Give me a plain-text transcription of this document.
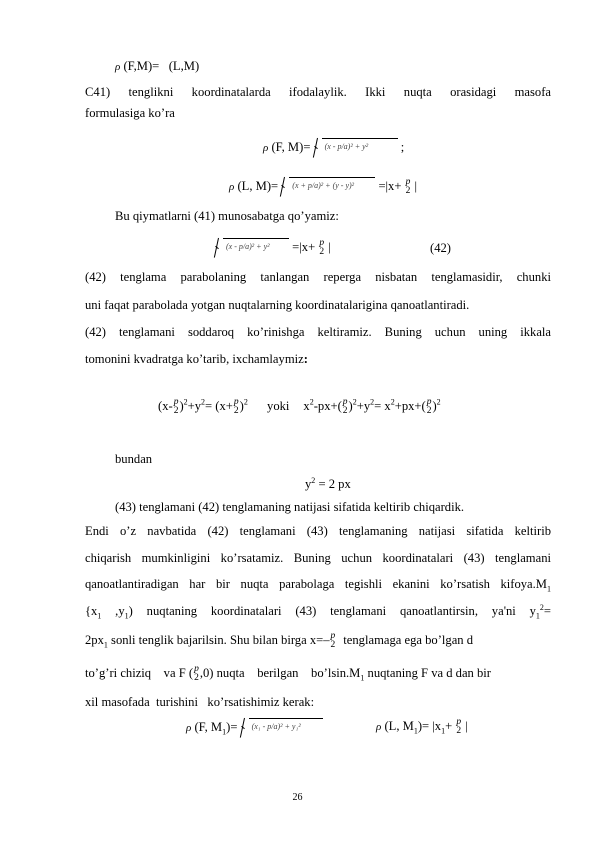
ρ (F,M)=   (L,M)
C41) tenglikni koordinatalarda ifodalaylik. Ikki nuqta orasidagi masofa
formulasiga ko’ra
ρ (F, M)= (x - p/a)² + y²	;
ρ (L, M)= (x + p/a)² + (y - y)² =|x+ p
2 |
Bu qiymatlarni (41) munosabatga qo’yamiz:
(x - p/a)² + y² =|x+ p
2 |	(42)
(42) tenglama parabolaning tanlangan reperga nisbatan tenglamasidir, chunki
uni faqat parabolada yotgan nuqtalarning koordinatalarigina qanoatlantiradi.
(42) tenglamani soddaroq ko’rinishga keltiramiz. Buning uchun uning ikkala
tomonini kvadratga ko’tarib, ixchamlaymiz:
(x- p
2 )$^2+y^2= (x+ p$
2 )$^2$ yoki $x^2-px+$( p
2 )$^2+y^2= x^2+px+$( p
2 )$^2$
bundan
$y^2 = 2$ px
(43) tenglamani (42) tenglamaning natijasi sifatida keltirib chiqardik.
Endi o’z navbatida (42) tenglamani (43) tenglamaning natijasi sifatida keltirib
chiqarish mumkinligini ko’rsatamiz. Buning uchun koordinatalari (43) tenglamani
qanoatlantiradigan har bir nuqta parabolaga tegishli ekanini ko’rsatish $kifoya.M_1$
{$x_1$ $,y_1$) nuqtaning koordinatalari (43) tenglamani qanoatlantirsin, ya'ni $y_1^2=$
$2px_1$ sonli tenglik bajarilsin. Shu bilan birga x=– p
2 tenglamaga ega bo’lgan d
to’g’ri chiziq    va F ( p
2 ,0) nuqta    berilgan    $bo’lsin.M_1$ nuqtaning F va d dan bir
xil masofada  turishini   ko’rsatishimiz kerak:
ρ (F, $M_1)= (x_1 - p/a)^2 + y_1^2$	ρ (L, $M_1)= |x_1+ p$
2 |
26
